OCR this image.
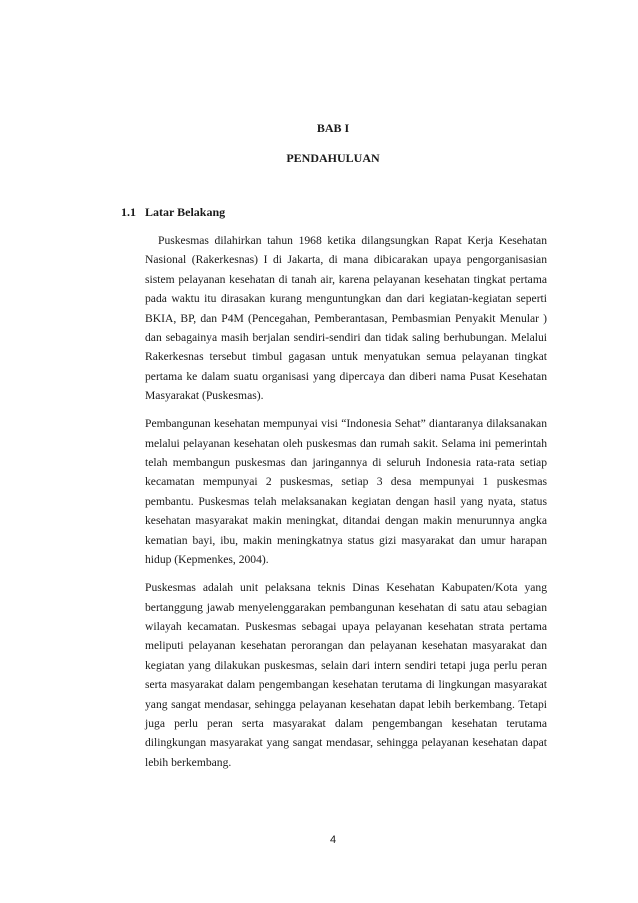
BAB I
PENDAHULUAN
1.1 Latar Belakang

Puskesmas dilahirkan tahun 1968 ketika dilangsungkan Rapat Kerja Kesehatan Nasional (Rakerkesnas) I di Jakarta, di mana dibicarakan upaya pengorganisasian sistem pelayanan kesehatan di tanah air, karena pelayanan kesehatan tingkat pertama pada waktu itu dirasakan kurang menguntungkan dan dari kegiatan-kegiatan seperti BKIA, BP, dan P4M (Pencegahan, Pemberantasan, Pembasmian Penyakit Menular ) dan sebagainya masih berjalan sendiri-sendiri dan tidak saling berhubungan. Melalui Rakerkesnas tersebut timbul gagasan untuk menyatukan semua pelayanan tingkat pertama ke dalam suatu organisasi yang dipercaya dan diberi nama Pusat Kesehatan Masyarakat (Puskesmas).

Pembangunan kesehatan mempunyai visi “Indonesia Sehat” diantaranya dilaksanakan melalui pelayanan kesehatan oleh puskesmas dan rumah sakit. Selama ini pemerintah telah membangun puskesmas dan jaringannya di seluruh Indonesia rata-rata setiap kecamatan mempunyai 2 puskesmas, setiap 3 desa mempunyai 1 puskesmas pembantu. Puskesmas telah melaksanakan kegiatan dengan hasil yang nyata, status kesehatan masyarakat makin meningkat, ditandai dengan makin menurunnya angka kematian bayi, ibu, makin meningkatnya status gizi masyarakat dan umur harapan hidup (Kepmenkes, 2004).

Puskesmas adalah unit pelaksana teknis Dinas Kesehatan Kabupaten/Kota yang bertanggung jawab menyelenggarakan pembangunan kesehatan di satu atau sebagian wilayah kecamatan. Puskesmas sebagai upaya pelayanan kesehatan strata pertama meliputi pelayanan kesehatan perorangan dan pelayanan kesehatan masyarakat dan kegiatan yang dilakukan puskesmas, selain dari intern sendiri tetapi juga perlu peran serta masyarakat dalam pengembangan kesehatan terutama di lingkungan masyarakat yang sangat mendasar, sehingga pelayanan kesehatan dapat lebih berkembang. Tetapi juga perlu peran serta masyarakat dalam pengembangan kesehatan terutama dilingkungan masyarakat yang sangat mendasar, sehingga pelayanan kesehatan dapat lebih berkembang.

4
